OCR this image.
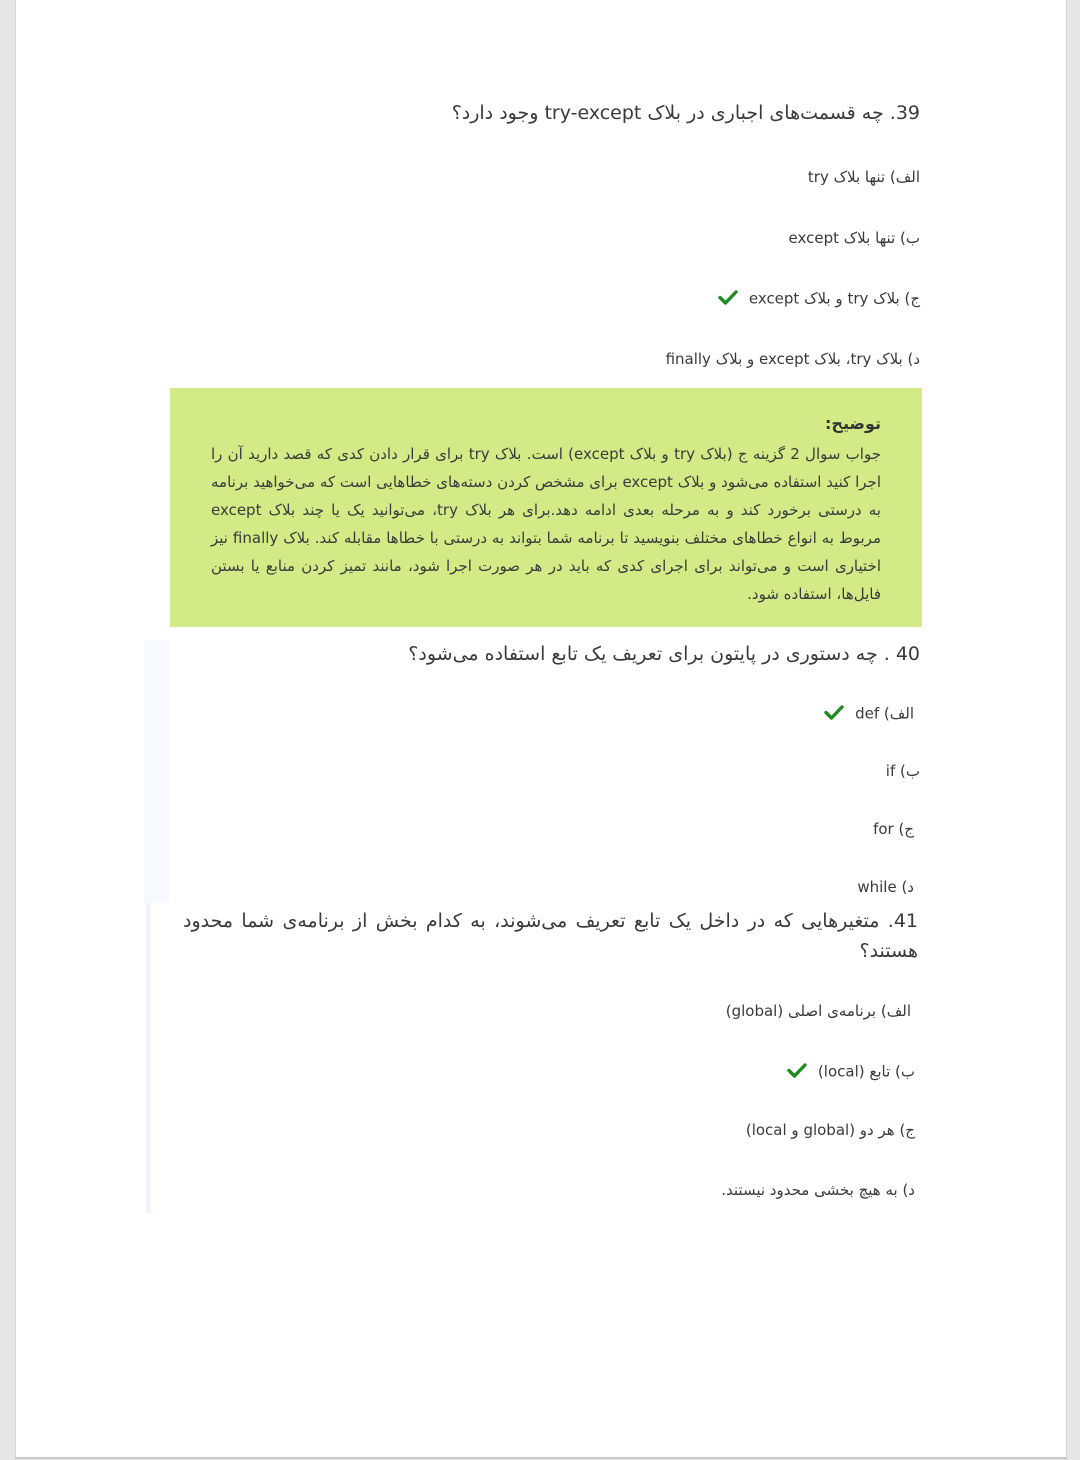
39. چه قسمت‌های اجباری در بلاک try-except وجود دارد؟
الف) تنها بلاک try
ب) تنها بلاک except
ج) بلاک try و بلاک except
د) بلاک try، بلاک except و بلاک finally
توضیح:
جواب سوال 2 گزینه ج (بلاک try و بلاک except) است. بلاک try برای قرار دادن کدی که قصد دارید آن را اجرا کنید استفاده می‌شود و بلاک except برای مشخص کردن دسته‌های خطاهایی است که می‌خواهید برنامه به درستی برخورد کند و به مرحله بعدی ادامه دهد.برای هر بلاک try، می‌توانید یک یا چند بلاک except مربوط به انواع خطاهای مختلف بنویسید تا برنامه شما بتواند به درستی با خطاها مقابله کند. بلاک finally نیز اختیاری است و می‌تواند برای اجرای کدی که باید در هر صورت اجرا شود، مانند تمیز کردن منابع یا بستن فایل‌ها، استفاده شود.
40 . چه دستوری در پایتون برای تعریف یک تابع استفاده می‌شود؟
الف) def
ب) if
ج) for
د) while
41. متغیرهایی که در داخل یک تابع تعریف می‌شوند، به کدام بخش از برنامه‌ی شما محدود هستند؟
الف) برنامه‌ی اصلی (global)
ب) تابع (local)
ج) هر دو (global و local)
د) به هیچ بخشی محدود نیستند.
